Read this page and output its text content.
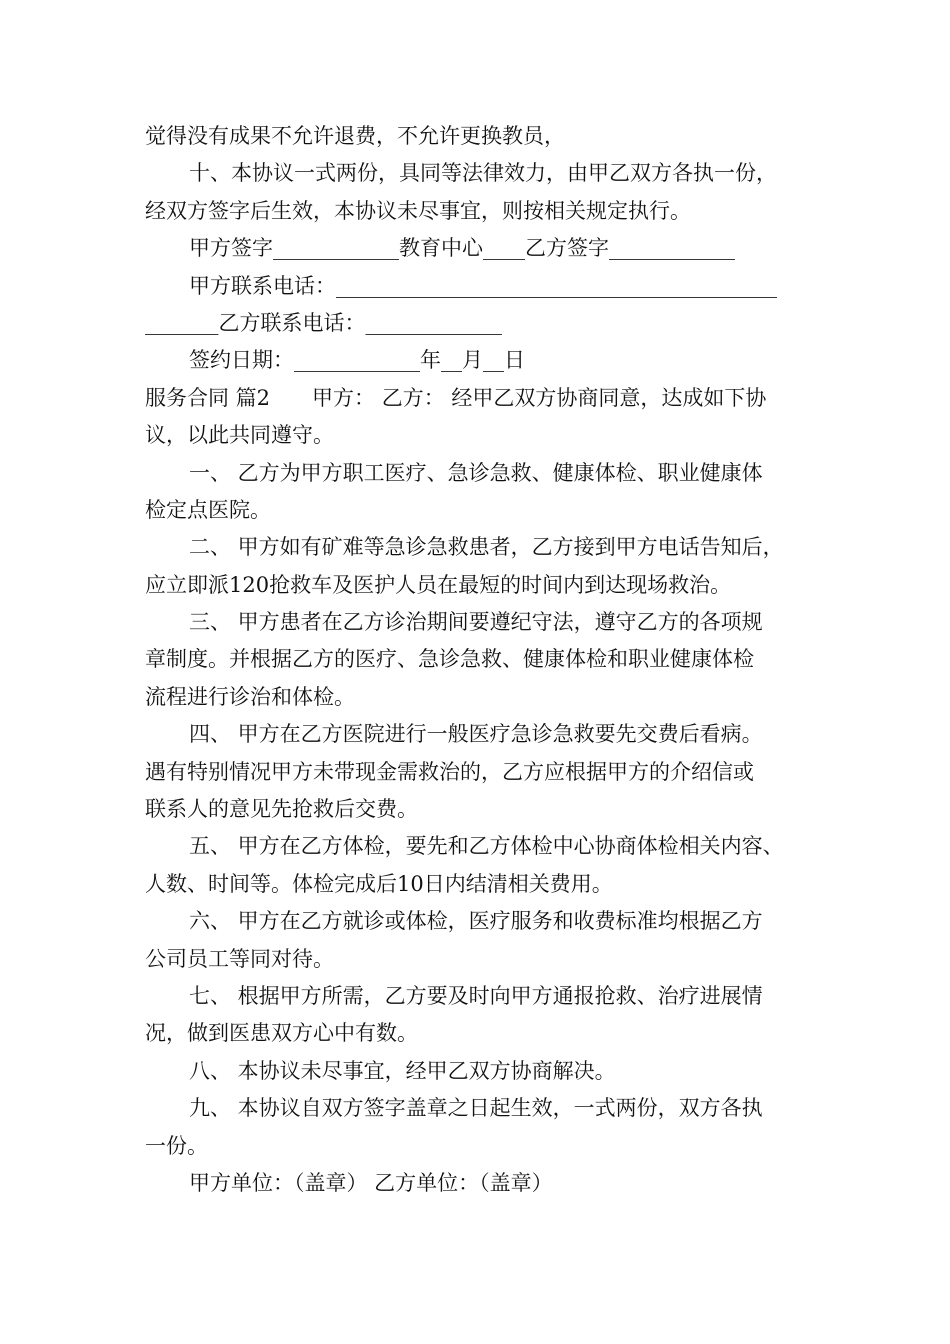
觉得没有成果不允许退费，不允许更换教员，
十、本协议一式两份，具同等法律效力，由甲乙双方各执一份，
经双方签字后生效，本协议未尽事宜，则按相关规定执行。
甲方签字____________教育中心____乙方签字____________
甲方联系电话：__________________________________________
_______乙方联系电话：_____________
签约日期：____________年__月__日
服务合同 篇2　　甲方： 乙方： 经甲乙双方协商同意，达成如下协
议，以此共同遵守。
一、 乙方为甲方职工医疗、急诊急救、健康体检、职业健康体
检定点医院。
二、 甲方如有矿难等急诊急救患者，乙方接到甲方电话告知后，
应立即派120抢救车及医护人员在最短的时间内到达现场救治。
三、 甲方患者在乙方诊治期间要遵纪守法，遵守乙方的各项规
章制度。并根据乙方的医疗、急诊急救、健康体检和职业健康体检
流程进行诊治和体检。
四、 甲方在乙方医院进行一般医疗急诊急救要先交费后看病。
遇有特别情况甲方未带现金需救治的，乙方应根据甲方的介绍信或
联系人的意见先抢救后交费。
五、 甲方在乙方体检，要先和乙方体检中心协商体检相关内容、
人数、时间等。体检完成后10日内结清相关费用。
六、 甲方在乙方就诊或体检，医疗服务和收费标准均根据乙方
公司员工等同对待。
七、 根据甲方所需，乙方要及时向甲方通报抢救、治疗进展情
况，做到医患双方心中有数。
八、 本协议未尽事宜，经甲乙双方协商解决。
九、 本协议自双方签字盖章之日起生效，一式两份，双方各执
一份。
甲方单位：（盖章） 乙方单位：（盖章）
